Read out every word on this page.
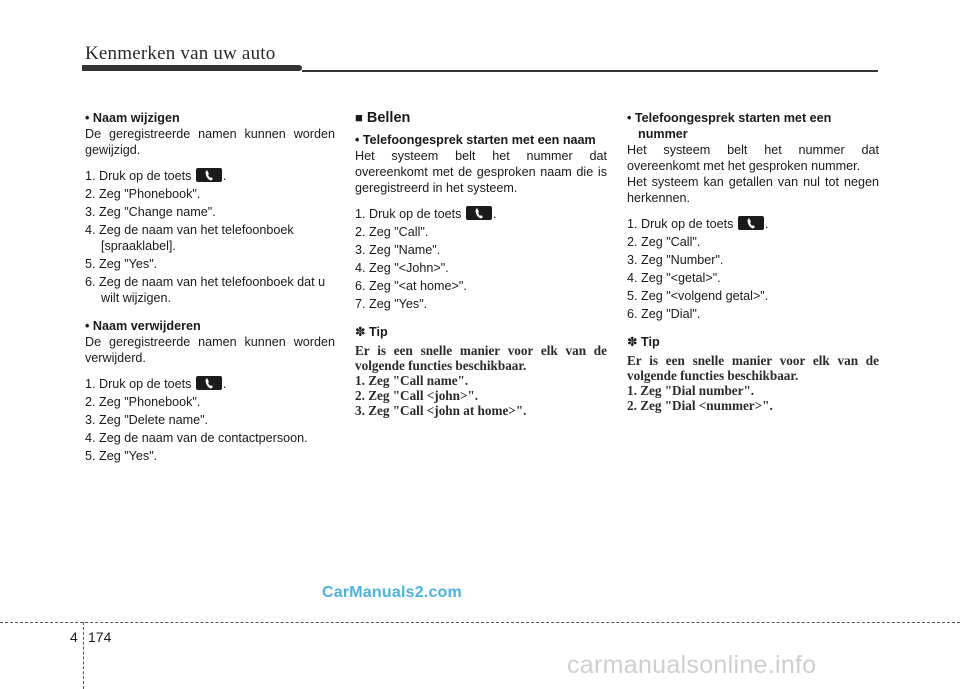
Kenmerken van uw auto

• Naam wijzigen

De geregistreerde namen kunnen worden gewijzigd.

1. Druk op de toets	.

2. Zeg "Phonebook".

3. Zeg "Change name".

4. Zeg de naam van het telefoonboek [spraaklabel].

5. Zeg "Yes".

6. Zeg de naam van het telefoonboek dat u wilt wijzigen.

• Naam verwijderen

De geregistreerde namen kunnen worden verwijderd.

1. Druk op de toets	.

2. Zeg "Phonebook".

3. Zeg "Delete name".

4. Zeg de naam van de contactpersoon.

5. Zeg "Yes".

■ Bellen

• Telefoongesprek starten met een naam

Het systeem belt het nummer dat overeenkomt met de gesproken naam die is geregistreerd in het systeem.

1. Druk op de toets	.

2. Zeg "Call".

3. Zeg "Name".

4. Zeg "<John>".

6. Zeg "<at home>".

7. Zeg "Yes".

✽ Tip

Er is een snelle manier voor elk van de volgende functies beschikbaar.

1. Zeg "Call name".

2. Zeg "Call <john>".

3. Zeg "Call <john at home>".

• Telefoongesprek starten met een nummer

Het systeem belt het nummer dat overeenkomt met het gesproken nummer.

Het systeem kan getallen van nul tot negen herkennen.

1. Druk op de toets	.

2. Zeg "Call".

3. Zeg "Number".

4. Zeg "<getal>".

5. Zeg "<volgend getal>".

6. Zeg "Dial".

✽ Tip

Er is een snelle manier voor elk van de volgende functies beschikbaar.

1. Zeg "Dial number".

2. Zeg "Dial <nummer>".

CarManuals2.com
4 174
carmanualsonline.info
